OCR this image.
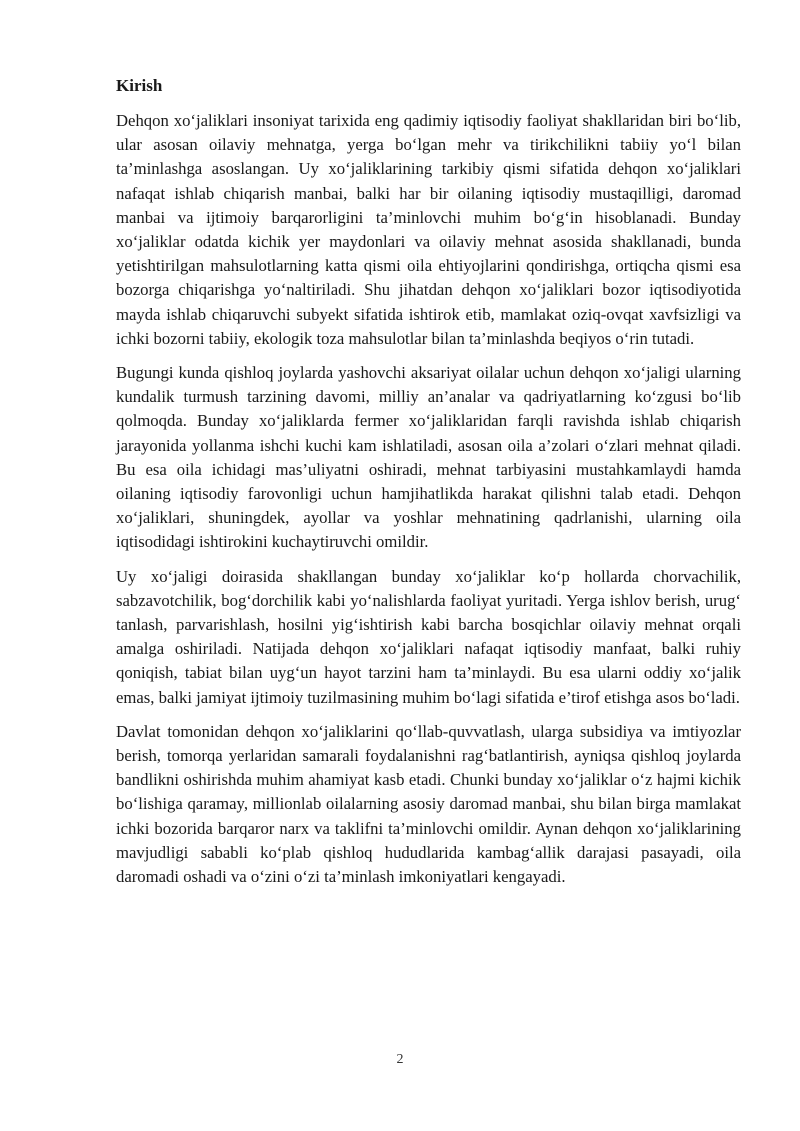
Kirish

Dehqon xo‘jaliklari insoniyat tarixida eng qadimiy iqtisodiy faoliyat shakllaridan biri bo‘lib, ular asosan oilaviy mehnatga, yerga bo‘lgan mehr va tirikchilikni tabiiy yo‘l bilan ta’minlashga asoslangan. Uy xo‘jaliklarining tarkibiy qismi sifatida dehqon xo‘jaliklari nafaqat ishlab chiqarish manbai, balki har bir oilaning iqtisodiy mustaqilligi, daromad manbai va ijtimoiy barqarorligini ta’minlovchi muhim bo‘g‘in hisoblanadi. Bunday xo‘jaliklar odatda kichik yer maydonlari va oilaviy mehnat asosida shakllanadi, bunda yetishtirilgan mahsulotlarning katta qismi oila ehtiyojlarini qondirishga, ortiqcha qismi esa bozorga chiqarishga yo‘naltiriladi. Shu jihatdan dehqon xo‘jaliklari bozor iqtisodiyotida mayda ishlab chiqaruvchi subyekt sifatida ishtirok etib, mamlakat oziq-ovqat xavfsizligi va ichki bozorni tabiiy, ekologik toza mahsulotlar bilan ta’minlashda beqiyos o‘rin tutadi.

Bugungi kunda qishloq joylarda yashovchi aksariyat oilalar uchun dehqon xo‘jaligi ularning kundalik turmush tarzining davomi, milliy an’analar va qadriyatlarning ko‘zgusi bo‘lib qolmoqda. Bunday xo‘jaliklarda fermer xo‘jaliklaridan farqli ravishda ishlab chiqarish jarayonida yollanma ishchi kuchi kam ishlatiladi, asosan oila a’zolari o‘zlari mehnat qiladi. Bu esa oila ichidagi mas’uliyatni oshiradi, mehnat tarbiyasini mustahkamlaydi hamda oilaning iqtisodiy farovonligi uchun hamjihatlikda harakat qilishni talab etadi. Dehqon xo‘jaliklari, shuningdek, ayollar va yoshlar mehnatining qadrlanishi, ularning oila iqtisodidagi ishtirokini kuchaytiruvchi omildir.

Uy xo‘jaligi doirasida shakllangan bunday xo‘jaliklar ko‘p hollarda chorvachilik, sabzavotchilik, bog‘dorchilik kabi yo‘nalishlarda faoliyat yuritadi. Yerga ishlov berish, urug‘ tanlash, parvarishlash, hosilni yig‘ishtirish kabi barcha bosqichlar oilaviy mehnat orqali amalga oshiriladi. Natijada dehqon xo‘jaliklari nafaqat iqtisodiy manfaat, balki ruhiy qoniqish, tabiat bilan uyg‘un hayot tarzini ham ta’minlaydi. Bu esa ularni oddiy xo‘jalik emas, balki jamiyat ijtimoiy tuzilmasining muhim bo‘lagi sifatida e’tirof etishga asos bo‘ladi.

Davlat tomonidan dehqon xo‘jaliklarini qo‘llab-quvvatlash, ularga subsidiya va imtiyozlar berish, tomorqa yerlaridan samarali foydalanishni rag‘batlantirish, ayniqsa qishloq joylarda bandlikni oshirishda muhim ahamiyat kasb etadi. Chunki bunday xo‘jaliklar o‘z hajmi kichik bo‘lishiga qaramay, millionlab oilalarning asosiy daromad manbai, shu bilan birga mamlakat ichki bozorida barqaror narx va taklifni ta’minlovchi omildir. Aynan dehqon xo‘jaliklarining mavjudligi sababli ko‘plab qishloq hududlarida kambag‘allik darajasi pasayadi, oila daromadi oshadi va o‘zini o‘zi ta’minlash imkoniyatlari kengayadi.

2
